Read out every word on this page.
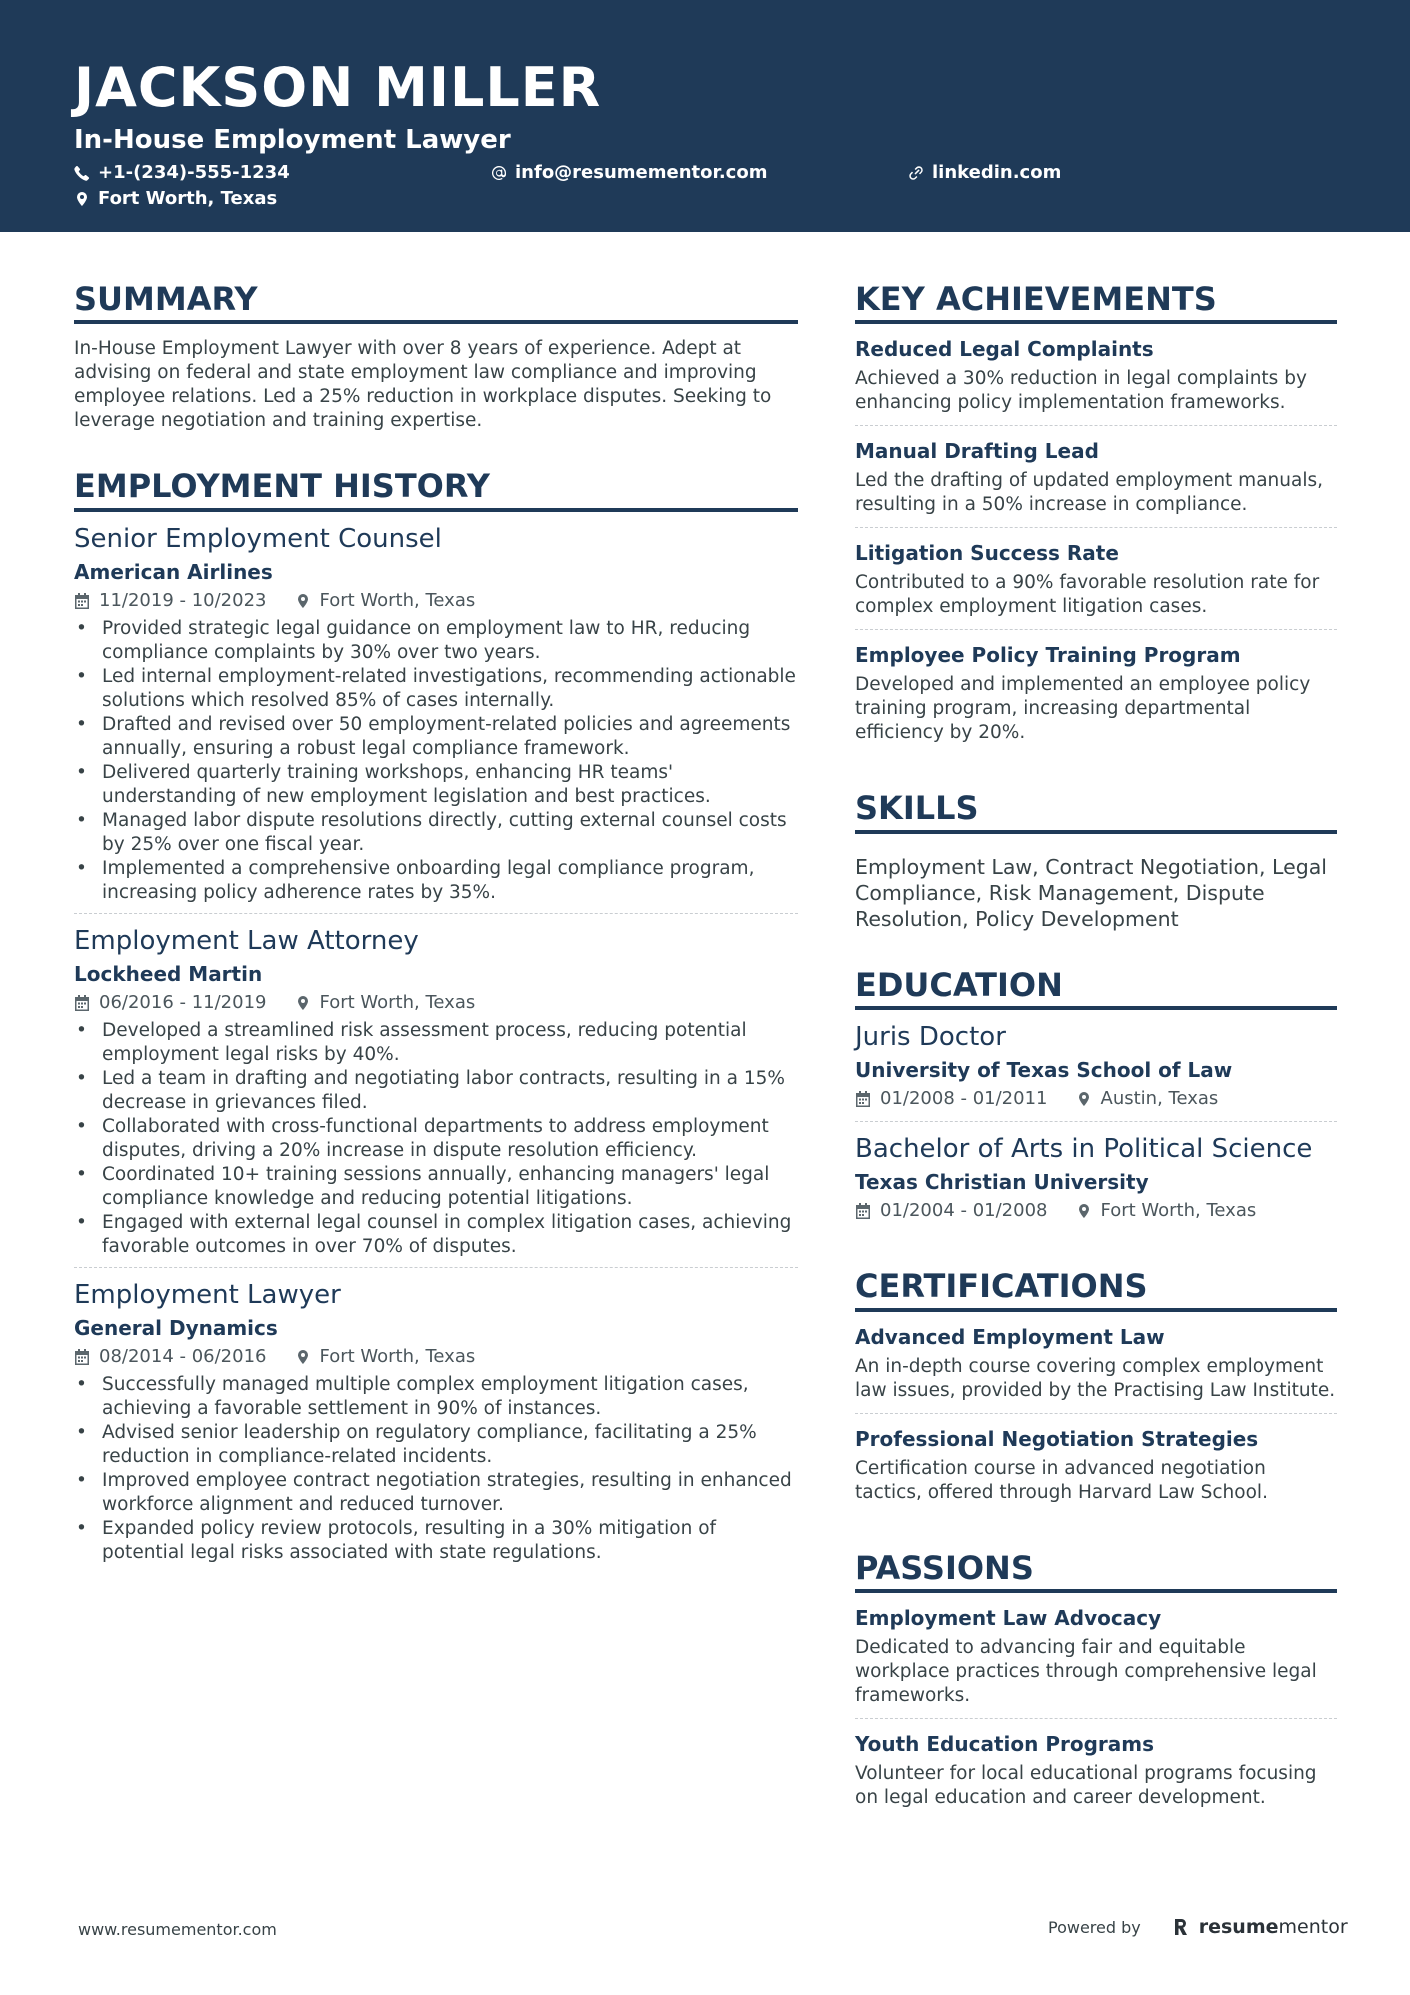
JACKSON MILLER
In-House Employment Lawyer
+1-(234)-555-1234	info@resumementor.com	linkedin.com
Fort Worth, Texas
SUMMARY
In-House Employment Lawyer with over 8 years of experience. Adept at advising on federal and state employment law compliance and improving employee relations. Led a 25% reduction in workplace disputes. Seeking to leverage negotiation and training expertise.
EMPLOYMENT HISTORY
Senior Employment Counsel
American Airlines
11/2019 - 10/2023	Fort Worth, Texas
• Provided strategic legal guidance on employment law to HR, reducing compliance complaints by 30% over two years.
• Led internal employment-related investigations, recommending actionable solutions which resolved 85% of cases internally.
• Drafted and revised over 50 employment-related policies and agreements annually, ensuring a robust legal compliance framework.
• Delivered quarterly training workshops, enhancing HR teams' understanding of new employment legislation and best practices.
• Managed labor dispute resolutions directly, cutting external counsel costs by 25% over one fiscal year.
• Implemented a comprehensive onboarding legal compliance program, increasing policy adherence rates by 35%.
Employment Law Attorney
Lockheed Martin
06/2016 - 11/2019	Fort Worth, Texas
• Developed a streamlined risk assessment process, reducing potential employment legal risks by 40%.
• Led a team in drafting and negotiating labor contracts, resulting in a 15% decrease in grievances filed.
• Collaborated with cross-functional departments to address employment disputes, driving a 20% increase in dispute resolution efficiency.
• Coordinated 10+ training sessions annually, enhancing managers' legal compliance knowledge and reducing potential litigations.
• Engaged with external legal counsel in complex litigation cases, achieving favorable outcomes in over 70% of disputes.
Employment Lawyer
General Dynamics
08/2014 - 06/2016	Fort Worth, Texas
• Successfully managed multiple complex employment litigation cases, achieving a favorable settlement in 90% of instances.
• Advised senior leadership on regulatory compliance, facilitating a 25% reduction in compliance-related incidents.
• Improved employee contract negotiation strategies, resulting in enhanced workforce alignment and reduced turnover.
• Expanded policy review protocols, resulting in a 30% mitigation of potential legal risks associated with state regulations.
KEY ACHIEVEMENTS
Reduced Legal Complaints
Achieved a 30% reduction in legal complaints by enhancing policy implementation frameworks.
Manual Drafting Lead
Led the drafting of updated employment manuals, resulting in a 50% increase in compliance.
Litigation Success Rate
Contributed to a 90% favorable resolution rate for complex employment litigation cases.
Employee Policy Training Program
Developed and implemented an employee policy training program, increasing departmental efficiency by 20%.
SKILLS
Employment Law, Contract Negotiation, Legal Compliance, Risk Management, Dispute Resolution, Policy Development
EDUCATION
Juris Doctor
University of Texas School of Law
01/2008 - 01/2011	Austin, Texas
Bachelor of Arts in Political Science
Texas Christian University
01/2004 - 01/2008	Fort Worth, Texas
CERTIFICATIONS
Advanced Employment Law
An in-depth course covering complex employment law issues, provided by the Practising Law Institute.
Professional Negotiation Strategies
Certification course in advanced negotiation tactics, offered through Harvard Law School.
PASSIONS
Employment Law Advocacy
Dedicated to advancing fair and equitable workplace practices through comprehensive legal frameworks.
Youth Education Programs
Volunteer for local educational programs focusing on legal education and career development.
www.resumementor.com	Powered by	resumementor
